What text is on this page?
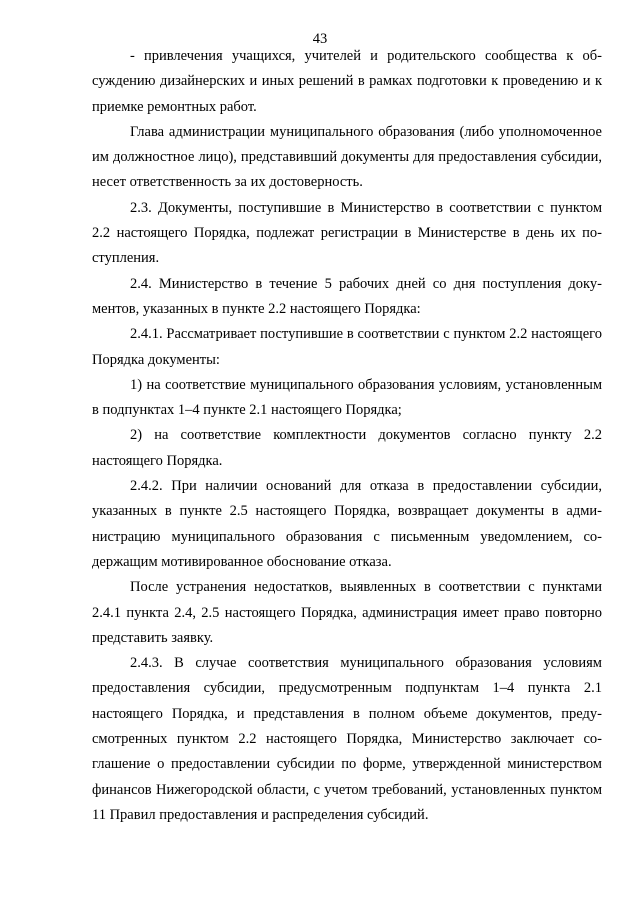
43

- привлечения учащихся, учителей и родительского сообщества к обсуждению дизайнерских и иных решений в рамках подготовки к проведению и к приемке ремонтных работ.

Глава администрации муниципального образования (либо уполномоченное им должностное лицо), представивший документы для предоставления субсидии, несет ответственность за их достоверность.

2.3. Документы, поступившие в Министерство в соответствии с пунктом 2.2 настоящего Порядка, подлежат регистрации в Министерстве в день их поступления.

2.4. Министерство в течение 5 рабочих дней со дня поступления документов, указанных в пункте 2.2 настоящего Порядка:

2.4.1. Рассматривает поступившие в соответствии с пунктом 2.2 настоящего Порядка документы:

1) на соответствие муниципального образования условиям, установленным в подпунктах 1–4 пункте 2.1 настоящего Порядка;

2) на соответствие комплектности документов согласно пункту 2.2 настоящего Порядка.

2.4.2. При наличии оснований для отказа в предоставлении субсидии, указанных в пункте 2.5 настоящего Порядка, возвращает документы в администрацию муниципального образования с письменным уведомлением, содержащим мотивированное обоснование отказа.

После устранения недостатков, выявленных в соответствии с пунктами 2.4.1 пункта 2.4, 2.5 настоящего Порядка, администрация имеет право повторно представить заявку.

2.4.3. В случае соответствия муниципального образования условиям предоставления субсидии, предусмотренным подпунктам 1–4 пункта 2.1 настоящего Порядка, и представления в полном объеме документов, предусмотренных пунктом 2.2 настоящего Порядка, Министерство заключает соглашение о предоставлении субсидии по форме, утвержденной министерством финансов Нижегородской области, с учетом требований, установленных пунктом 11 Правил предоставления и распределения субсидий.
